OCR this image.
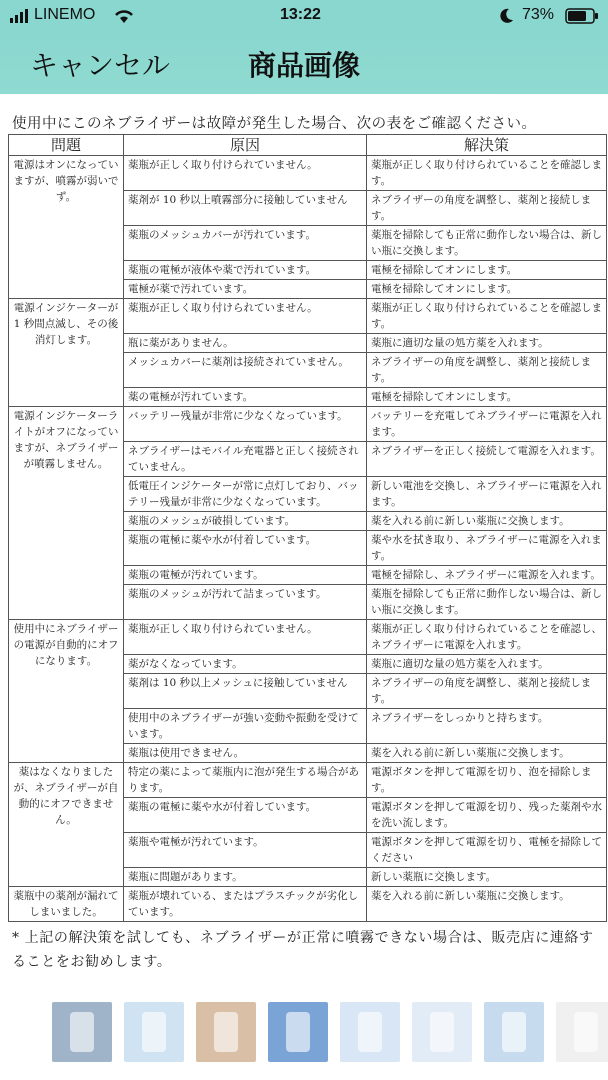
LINEMO	13:22	73%
キャンセル	商品画像
使用中にこのネブライザーは故障が発生した場合、次の表をご確認ください。
問題	原因	解決策
電源はオンになっていますが、噴霧が弱いでず。	薬瓶が正しく取り付けられていません。	薬瓶が正しく取り付けられていることを確認します。
	薬剤が 10 秒以上噴霧部分に接触していません	ネブライザーの角度を調整し、薬剤と接続します。
	薬瓶のメッシュカバーが汚れています。	薬瓶を掃除しても正常に動作しない場合は、新しい瓶に交換します。
	薬瓶の電極が液体や薬で汚れています。	電極を掃除してオンにします。
	電極が薬で汚れています。	電極を掃除してオンにします。
電源インジケーターが 1 秒間点滅し、その後消灯します。	薬瓶が正しく取り付けられていません。	薬瓶が正しく取り付けられていることを確認します。
	瓶に薬がありません。	薬瓶に適切な量の処方薬を入れます。
	メッシュカバーに薬剤は接続されていません。	ネブライザーの角度を調整し、薬剤と接続します。
	薬の電極が汚れています。	電極を掃除してオンにします。
電源インジケーターライトがオフになっていますが、ネブライザーが噴霧しません。	バッテリー残量が非常に少なくなっています。	バッテリーを充電してネブライザーに電源を入れます。
	ネブライザーはモバイル充電器と正しく接続されていません。	ネブライザーを正しく接続して電源を入れます。
	低電圧インジケーターが常に点灯しており、バッテリー残量が非常に少なくなっています。	新しい電池を交換し、ネブライザーに電源を入れます。
	薬瓶のメッシュが破損しています。	薬を入れる前に新しい薬瓶に交換します。
	薬瓶の電極に薬や水が付着しています。	薬や水を拭き取り、ネブライザーに電源を入れます。
	薬瓶の電極が汚れています。	電極を掃除し、ネブライザーに電源を入れます。
	薬瓶のメッシュが汚れて詰まっています。	薬瓶を掃除しても正常に動作しない場合は、新しい瓶に交換します。
使用中にネブライザーの電源が自動的にオフになります。	薬瓶が正しく取り付けられていません。	薬瓶が正しく取り付けられていることを確認し、ネブライザーに電源を入れます。
	薬がなくなっています。	薬瓶に適切な量の処方薬を入れます。
	薬剤は 10 秒以上メッシュに接触していません	ネブライザーの角度を調整し、薬剤と接続します。
	使用中のネブライザーが強い変動や振動を受けています。	ネブライザーをしっかりと持ちます。
	薬瓶は使用できません。	薬を入れる前に新しい薬瓶に交換します。
薬はなくなりましたが、ネブライザーが自動的にオフできません。	特定の薬によって薬瓶内に泡が発生する場合があります。	電源ボタンを押して電源を切り、泡を掃除します。
	薬瓶の電極に薬や水が付着しています。	電源ボタンを押して電源を切り、残った薬剤や水を洗い流します。
	薬瓶や電極が汚れています。	電源ボタンを押して電源を切り、電極を掃除してください
	薬瓶に問題があります。	新しい薬瓶に交換します。
薬瓶中の薬剤が漏れてしまいました。	薬瓶が壊れている、またはプラスチックが劣化しています。	薬を入れる前に新しい薬瓶に交換します。
* 上記の解決策を試しても、ネブライザーが正常に噴霧できない場合は、販売店に連絡することをお勧めします。
